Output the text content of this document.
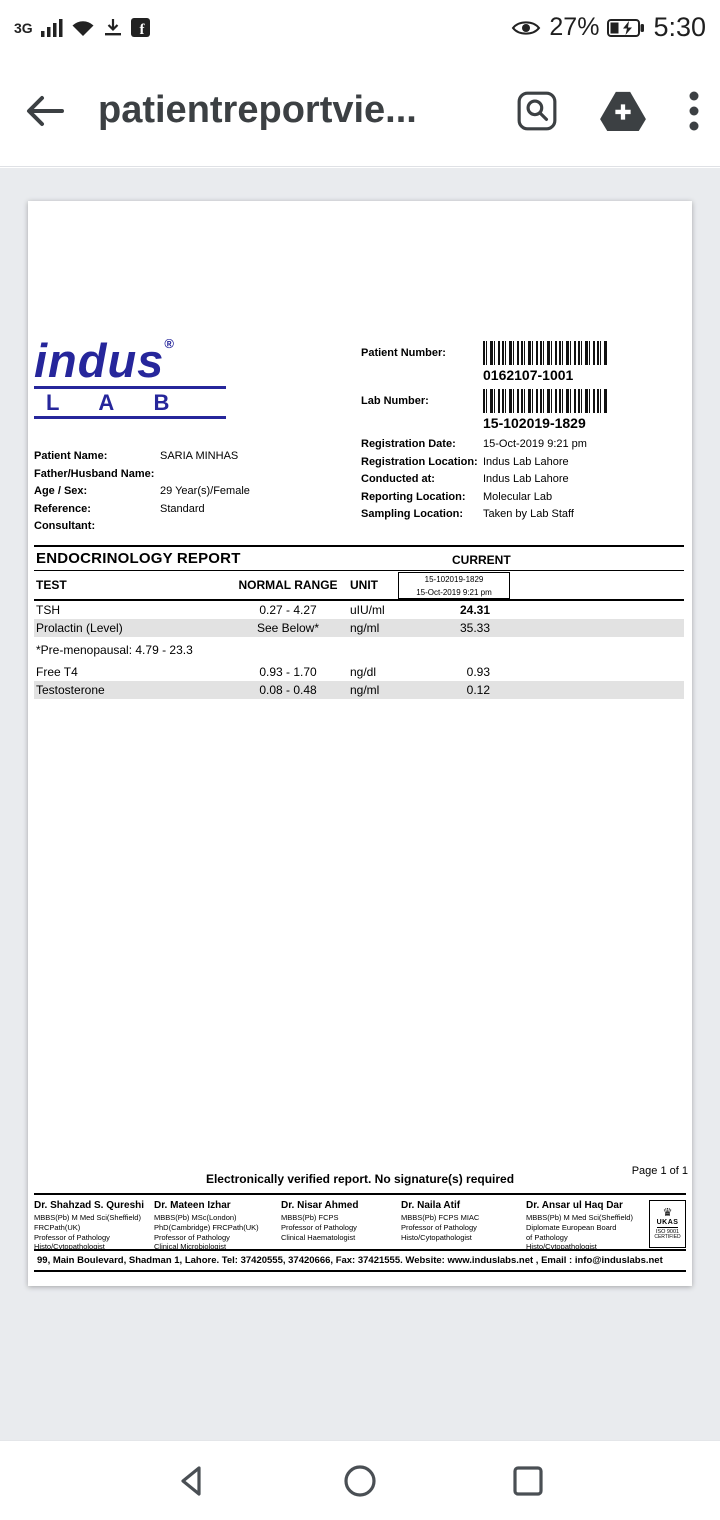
3G	f	27% 5:30
patientreportvie...
indus®
L A B
Patient Number:
0162107-1001
Lab Number:
15-102019-1829
Registration Date:	15-Oct-2019 9:21 pm
Registration Location: Indus Lab Lahore
Conducted at:	Indus Lab Lahore
Reporting Location:	Molecular Lab
Sampling Location:	Taken by Lab Staff
Patient Name:	SARIA MINHAS
Father/Husband Name:
Age / Sex:	29 Year(s)/Female
Reference:	Standard
Consultant:
ENDOCRINOLOGY REPORT	CURRENT
TEST	NORMAL RANGE	UNIT	15-102019-1829
15-Oct-2019 9:21 pm
TSH	0.27 - 4.27	uIU/ml	24.31
Prolactin (Level)	See Below*	ng/ml	35.33
*Pre-menopausal: 4.79 - 23.3
Free T4	0.93 - 1.70	ng/dl	0.93
Testosterone	0.08 - 0.48	ng/ml	0.12
Page 1 of 1
Electronically verified report. No signature(s) required
Dr. Shahzad S. Qureshi
MBBS(Pb) M Med Sci(Sheffield)
FRCPath(UK)
Professor of Pathology
Histo/Cytopathologist
Dr. Mateen Izhar
MBBS(Pb) MSc(London)
PhD(Cambridge) FRCPath(UK)
Professor of Pathology
Clinical Microbiologist
Dr. Nisar Ahmed
MBBS(Pb) FCPS
Professor of Pathology
Clinical Haematologist
Dr. Naila Atif
MBBS(Pb) FCPS MIAC
Professor of Pathology
Histo/Cytopathologist
Dr. Ansar ul Haq Dar
MBBS(Pb) M Med Sci(Sheffield)
Diplomate European Board
of Pathology
Histo/Cytopathologist
♛
UKAS
ISO 9001
CERTIFIED
99, Main Boulevard, Shadman 1, Lahore. Tel: 37420555, 37420666, Fax: 37421555. Website: www.induslabs.net , Email : info@induslabs.net
